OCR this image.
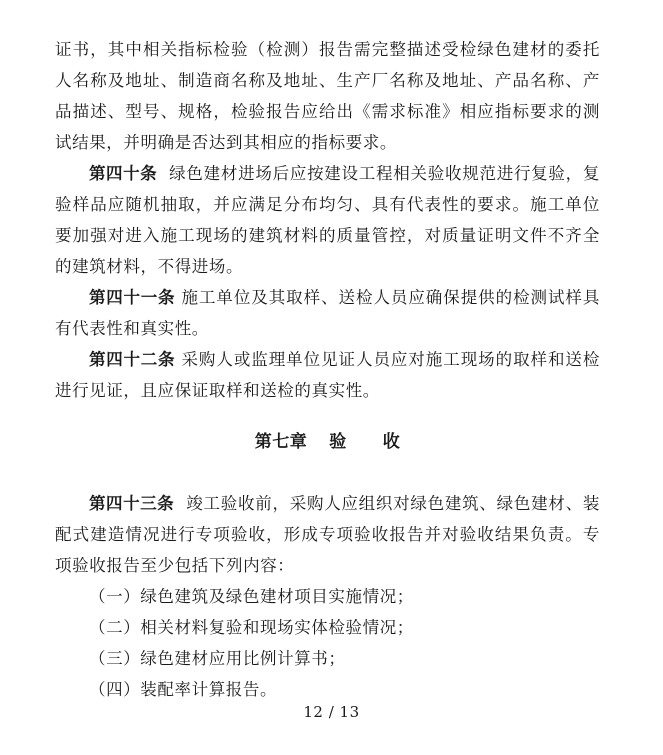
证书，其中相关指标检验（检测）报告需完整描述受检绿色建材的委托人名称及地址、制造商名称及地址、生产厂名称及地址、产品名称、产品描述、型号、规格，检验报告应给出《需求标准》相应指标要求的测试结果，并明确是否达到其相应的指标要求。

第四十条 绿色建材进场后应按建设工程相关验收规范进行复验，复验样品应随机抽取，并应满足分布均匀、具有代表性的要求。施工单位要加强对进入施工现场的建筑材料的质量管控，对质量证明文件不齐全的建筑材料，不得进场。

第四十一条 施工单位及其取样、送检人员应确保提供的检测试样具有代表性和真实性。

第四十二条 采购人或监理单位见证人员应对施工现场的取样和送检进行见证，且应保证取样和送检的真实性。

第七章 验 收

第四十三条 竣工验收前，采购人应组织对绿色建筑、绿色建材、装配式建造情况进行专项验收，形成专项验收报告并对验收结果负责。专项验收报告至少包括下列内容：

（一）绿色建筑及绿色建材项目实施情况；

（二）相关材料复验和现场实体检验情况；

（三）绿色建材应用比例计算书；

（四）装配率计算报告。

12 / 13
